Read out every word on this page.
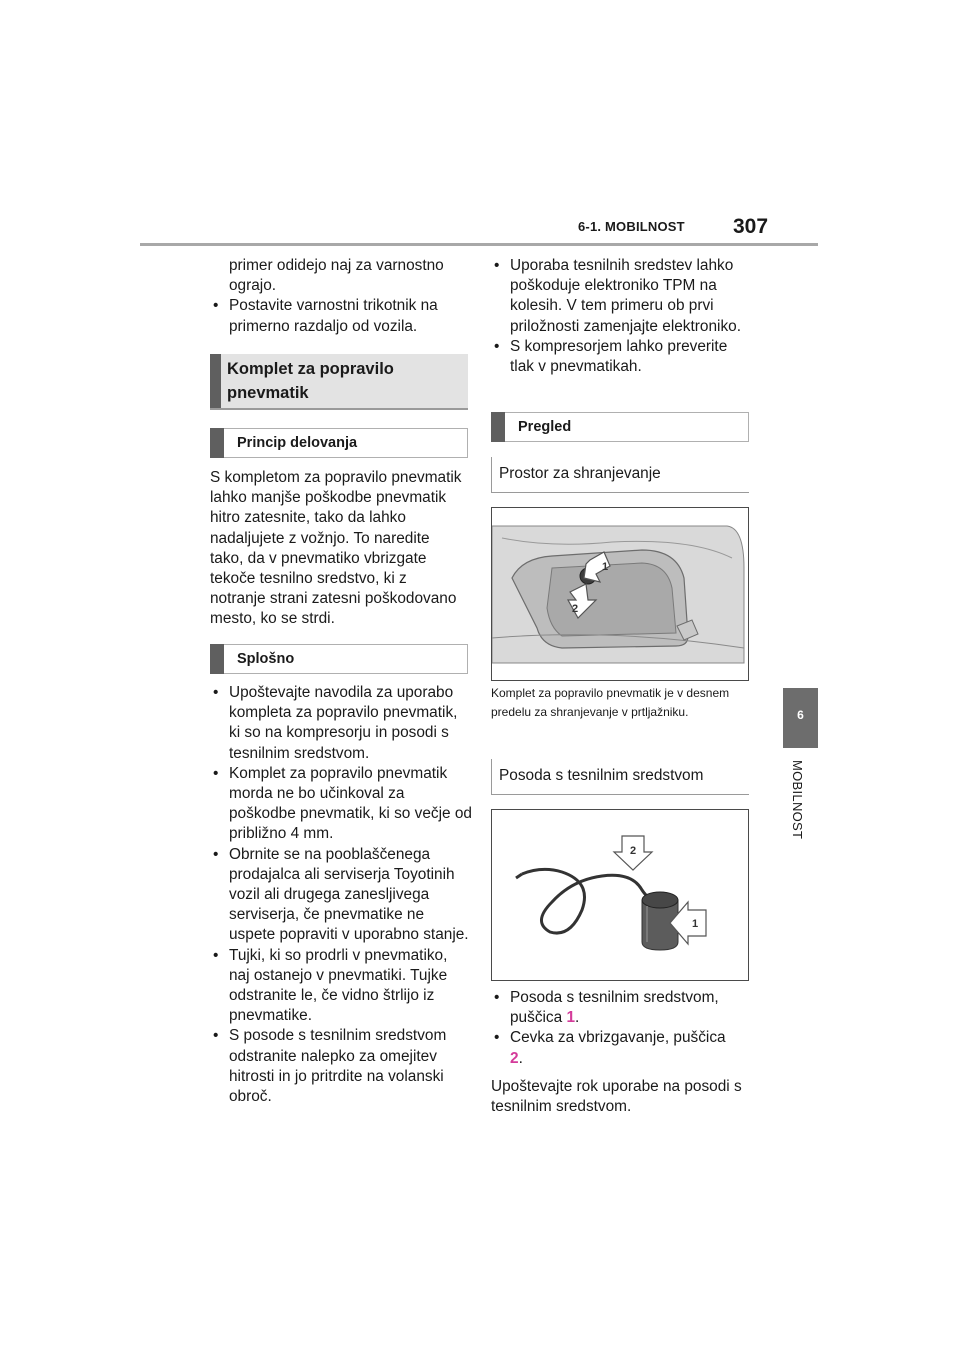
6-1. MOBILNOST 307
6
MOBILNOST

primer odidejo naj za varnostno

ograjo.

• Postavite varnostni trikotnik na primerno razdaljo od vozila.
Komplet za popravilo
pnevmatik
Princip delovanja
S kompletom za popravilo pnevmatik lahko manjše poškodbe pnevmatik hitro zatesnite, tako da lahko nadaljujete z vožnjo. To naredite tako, da v pnevmatiko vbrizgate tekoče tesnilno sredstvo, ki z notranje strani zatesni poškodovano mesto, ko se strdi.
Splošno
• Upoštevajte navodila za uporabo kompleta za popravilo pnevmatik, ki so na kompresorju in posodi s tesnilnim sredstvom.
• Komplet za popravilo pnevmatik morda ne bo učinkoval za poškodbe pnevmatik, ki so večje od približno 4 mm.
• Obrnite se na pooblaščenega prodajalca ali serviserja Toyotinih vozil ali drugega zanesljivega serviserja, če pnevmatike ne uspete popraviti v uporabno stanje.
• Tujki, ki so prodrli v pnevmatiko, naj ostanejo v pnevmatiki. Tujke odstranite le, če vidno štrlijo iz pnevmatike.
• S posode s tesnilnim sredstvom odstranite nalepko za omejitev hitrosti in jo pritrdite na volanski obroč.
• Uporaba tesnilnih sredstev lahko poškoduje elektroniko TPM na kolesih. V tem primeru ob prvi priložnosti zamenjajte elektroniko.
• S kompresorjem lahko preverite tlak v pnevmatikah.
Pregled
Prostor za shranjevanje
1
2
Komplet za popravilo pnevmatik je v desnem predelu za shranjevanje v prtljažniku.
Posoda s tesnilnim sredstvom
2
1
• Posoda s tesnilnim sredstvom, puščica 1.
• Cevka za vbrizgavanje, puščica
2.

Upoštevajte rok uporabe na posodi s tesnilnim sredstvom.
